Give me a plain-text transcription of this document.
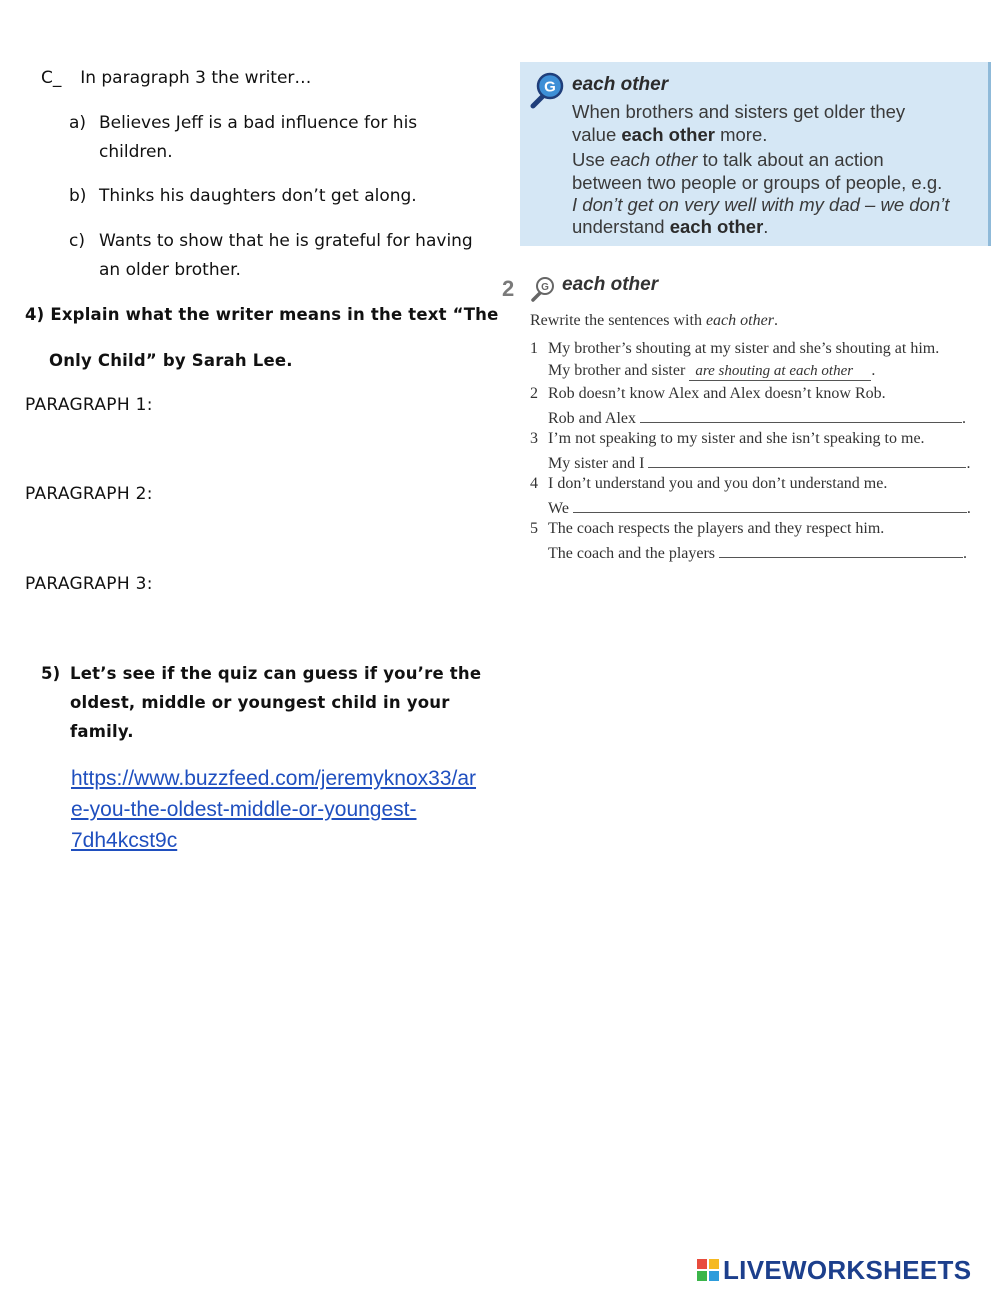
C_ In paragraph 3 the writer…
a) Believes Jeff is a bad influence for his
children.
b) Thinks his daughters don’t get along.
c) Wants to show that he is grateful for having
an older brother.
4) Explain what the writer means in the text “The
Only Child” by Sarah Lee.
PARAGRAPH 1:
PARAGRAPH 2:
PARAGRAPH 3:
5) Let’s see if the quiz can guess if you’re the
oldest, middle or youngest child in your
family.
https://www.buzzfeed.com/jeremyknox33/ar
e-you-the-oldest-middle-or-youngest-
7dh4kcst9c
G each other
When brothers and sisters get older they
value each other more.
Use each other to talk about an action
between two people or groups of people, e.g.
I don’t get on very well with my dad – we don’t
understand each other.
2	G each other
Rewrite the sentences with each other.
1 My brother’s shouting at my sister and she’s shouting at him.
My brother and sister are shouting at each other .
2 Rob doesn’t know Alex and Alex doesn’t know Rob.
Rob and Alex	.
3 I’m not speaking to my sister and she isn’t speaking to me.
My sister and I	.
4 I don’t understand you and you don’t understand me.
We	.
5 The coach respects the players and they respect him.
The coach and the players	.
LIVEWORKSHEETS
